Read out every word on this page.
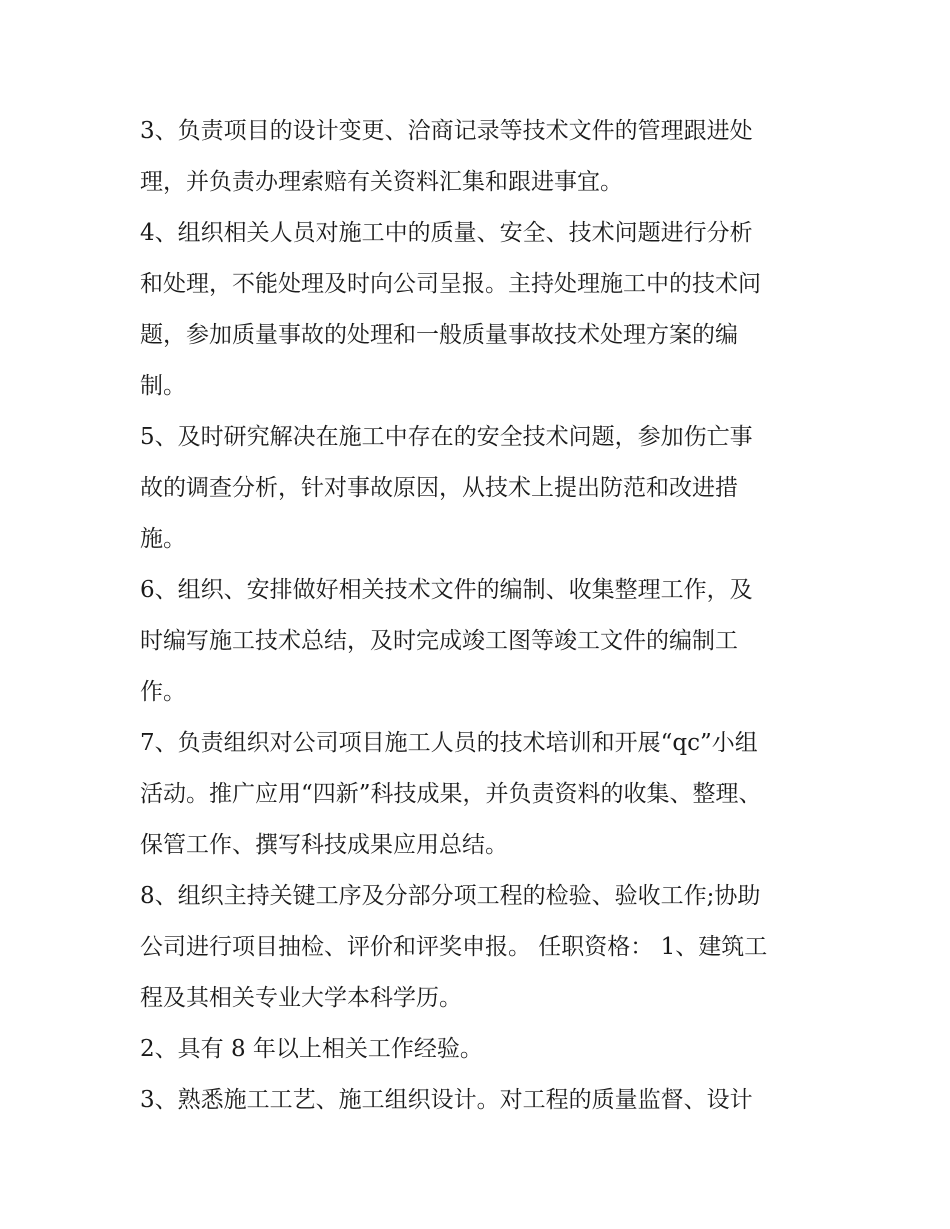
3、负责项目的设计变更、洽商记录等技术文件的管理跟进处
理，并负责办理索赔有关资料汇集和跟进事宜。
4、组织相关人员对施工中的质量、安全、技术问题进行分析
和处理，不能处理及时向公司呈报。主持处理施工中的技术问
题，参加质量事故的处理和一般质量事故技术处理方案的编
制。
5、及时研究解决在施工中存在的安全技术问题，参加伤亡事
故的调查分析，针对事故原因，从技术上提出防范和改进措
施。
6、组织、安排做好相关技术文件的编制、收集整理工作，及
时编写施工技术总结，及时完成竣工图等竣工文件的编制工
作。
7、负责组织对公司项目施工人员的技术培训和开展“qc”小组
活动。推广应用“四新”科技成果，并负责资料的收集、整理、
保管工作、撰写科技成果应用总结。
8、组织主持关键工序及分部分项工程的检验、验收工作;协助
公司进行项目抽检、评价和评奖申报。 任职资格： 1、建筑工
程及其相关专业大学本科学历。
2、具有 8 年以上相关工作经验。
3、熟悉施工工艺、施工组织设计。对工程的质量监督、设计
